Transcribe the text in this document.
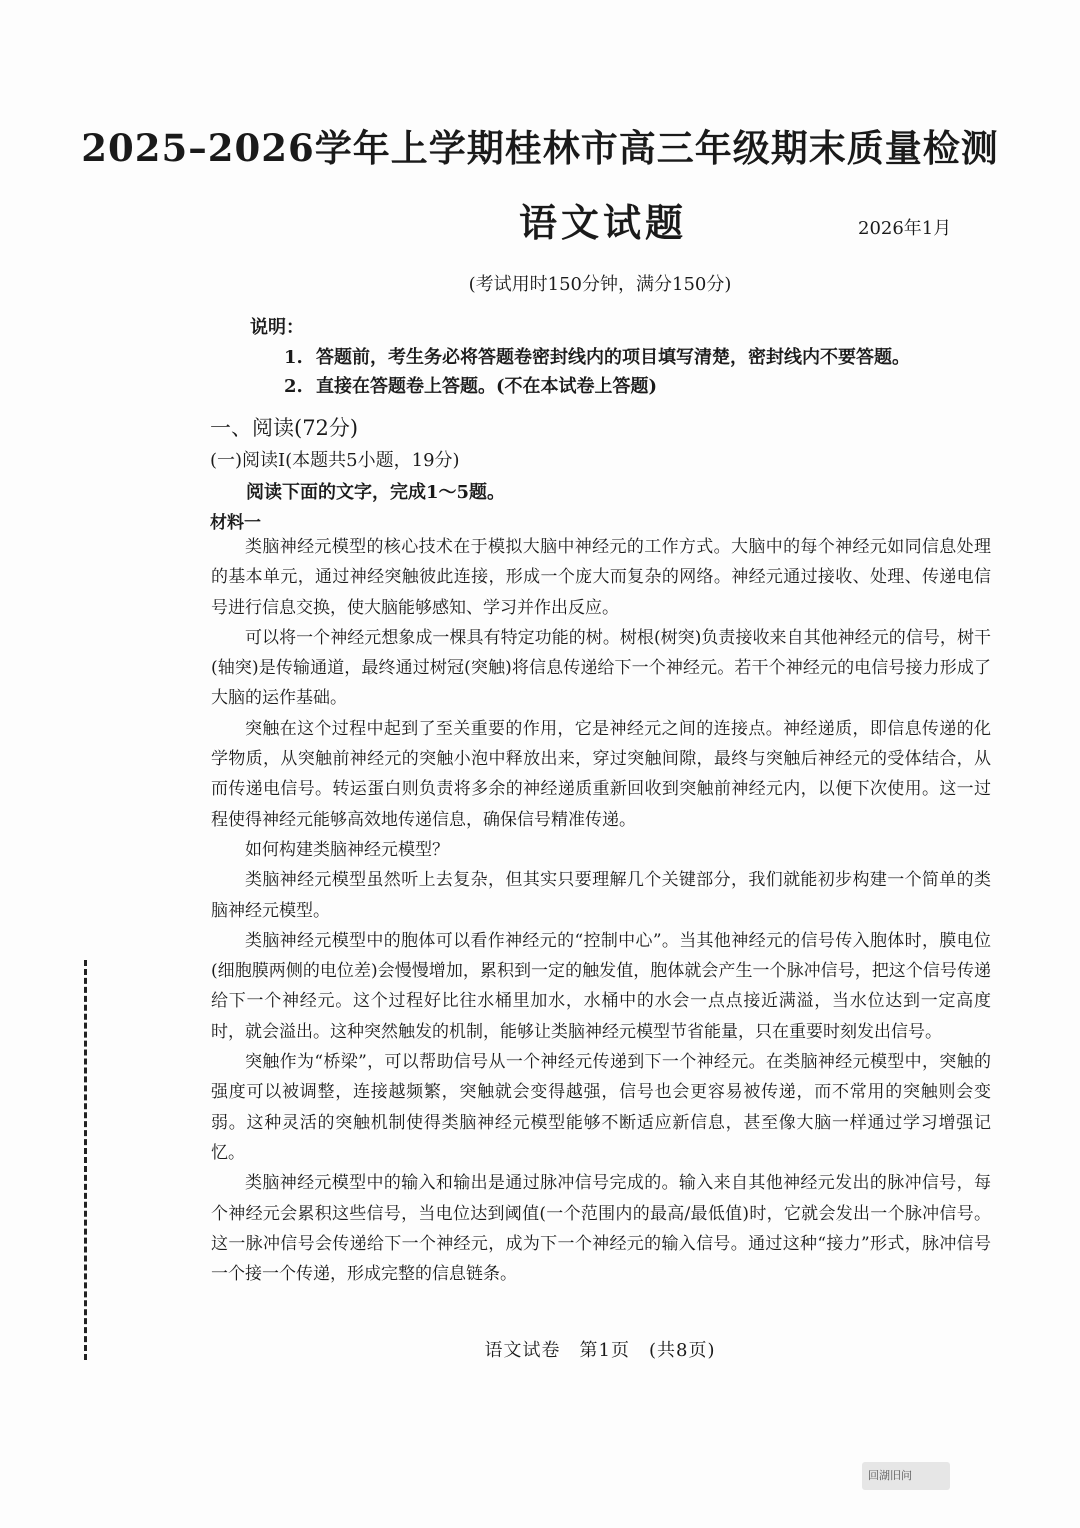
2025–2026学年上学期桂林市高三年级期末质量检测
语文试题	2026年1月
(考试用时150分钟，满分150分)
说明：
1. 答题前，考生务必将答题卷密封线内的项目填写清楚，密封线内不要答题。
2. 直接在答题卷上答题。(不在本试卷上答题)
一、阅读(72分)
(一)阅读Ⅰ(本题共5小题，19分)
阅读下面的文字，完成1～5题。
材料一

类脑神经元模型的核心技术在于模拟大脑中神经元的工作方式。大脑中的每个神经元如同信息处理的基本单元，通过神经突触彼此连接，形成一个庞大而复杂的网络。神经元通过接收、处理、传递电信号进行信息交换，使大脑能够感知、学习并作出反应。

可以将一个神经元想象成一棵具有特定功能的树。树根(树突)负责接收来自其他神经元的信号，树干(轴突)是传输通道，最终通过树冠(突触)将信息传递给下一个神经元。若干个神经元的电信号接力形成了大脑的运作基础。

突触在这个过程中起到了至关重要的作用，它是神经元之间的连接点。神经递质，即信息传递的化学物质，从突触前神经元的突触小泡中释放出来，穿过突触间隙，最终与突触后神经元的受体结合，从而传递电信号。转运蛋白则负责将多余的神经递质重新回收到突触前神经元内，以便下次使用。这一过程使得神经元能够高效地传递信息，确保信号精准传递。

如何构建类脑神经元模型？

类脑神经元模型虽然听上去复杂，但其实只要理解几个关键部分，我们就能初步构建一个简单的类脑神经元模型。

类脑神经元模型中的胞体可以看作神经元的“控制中心”。当其他神经元的信号传入胞体时，膜电位(细胞膜两侧的电位差)会慢慢增加，累积到一定的触发值，胞体就会产生一个脉冲信号，把这个信号传递给下一个神经元。这个过程好比往水桶里加水，水桶中的水会一点点接近满溢，当水位达到一定高度时，就会溢出。这种突然触发的机制，能够让类脑神经元模型节省能量，只在重要时刻发出信号。

突触作为“桥梁”，可以帮助信号从一个神经元传递到下一个神经元。在类脑神经元模型中，突触的强度可以被调整，连接越频繁，突触就会变得越强，信号也会更容易被传递，而不常用的突触则会变弱。这种灵活的突触机制使得类脑神经元模型能够不断适应新信息，甚至像大脑一样通过学习增强记忆。

类脑神经元模型中的输入和输出是通过脉冲信号完成的。输入来自其他神经元发出的脉冲信号，每个神经元会累积这些信号，当电位达到阈值(一个范围内的最高/最低值)时，它就会发出一个脉冲信号。这一脉冲信号会传递给下一个神经元，成为下一个神经元的输入信号。通过这种“接力”形式，脉冲信号一个接一个传递，形成完整的信息链条。

语文试卷　第1页　(共8页)
回湖旧问
